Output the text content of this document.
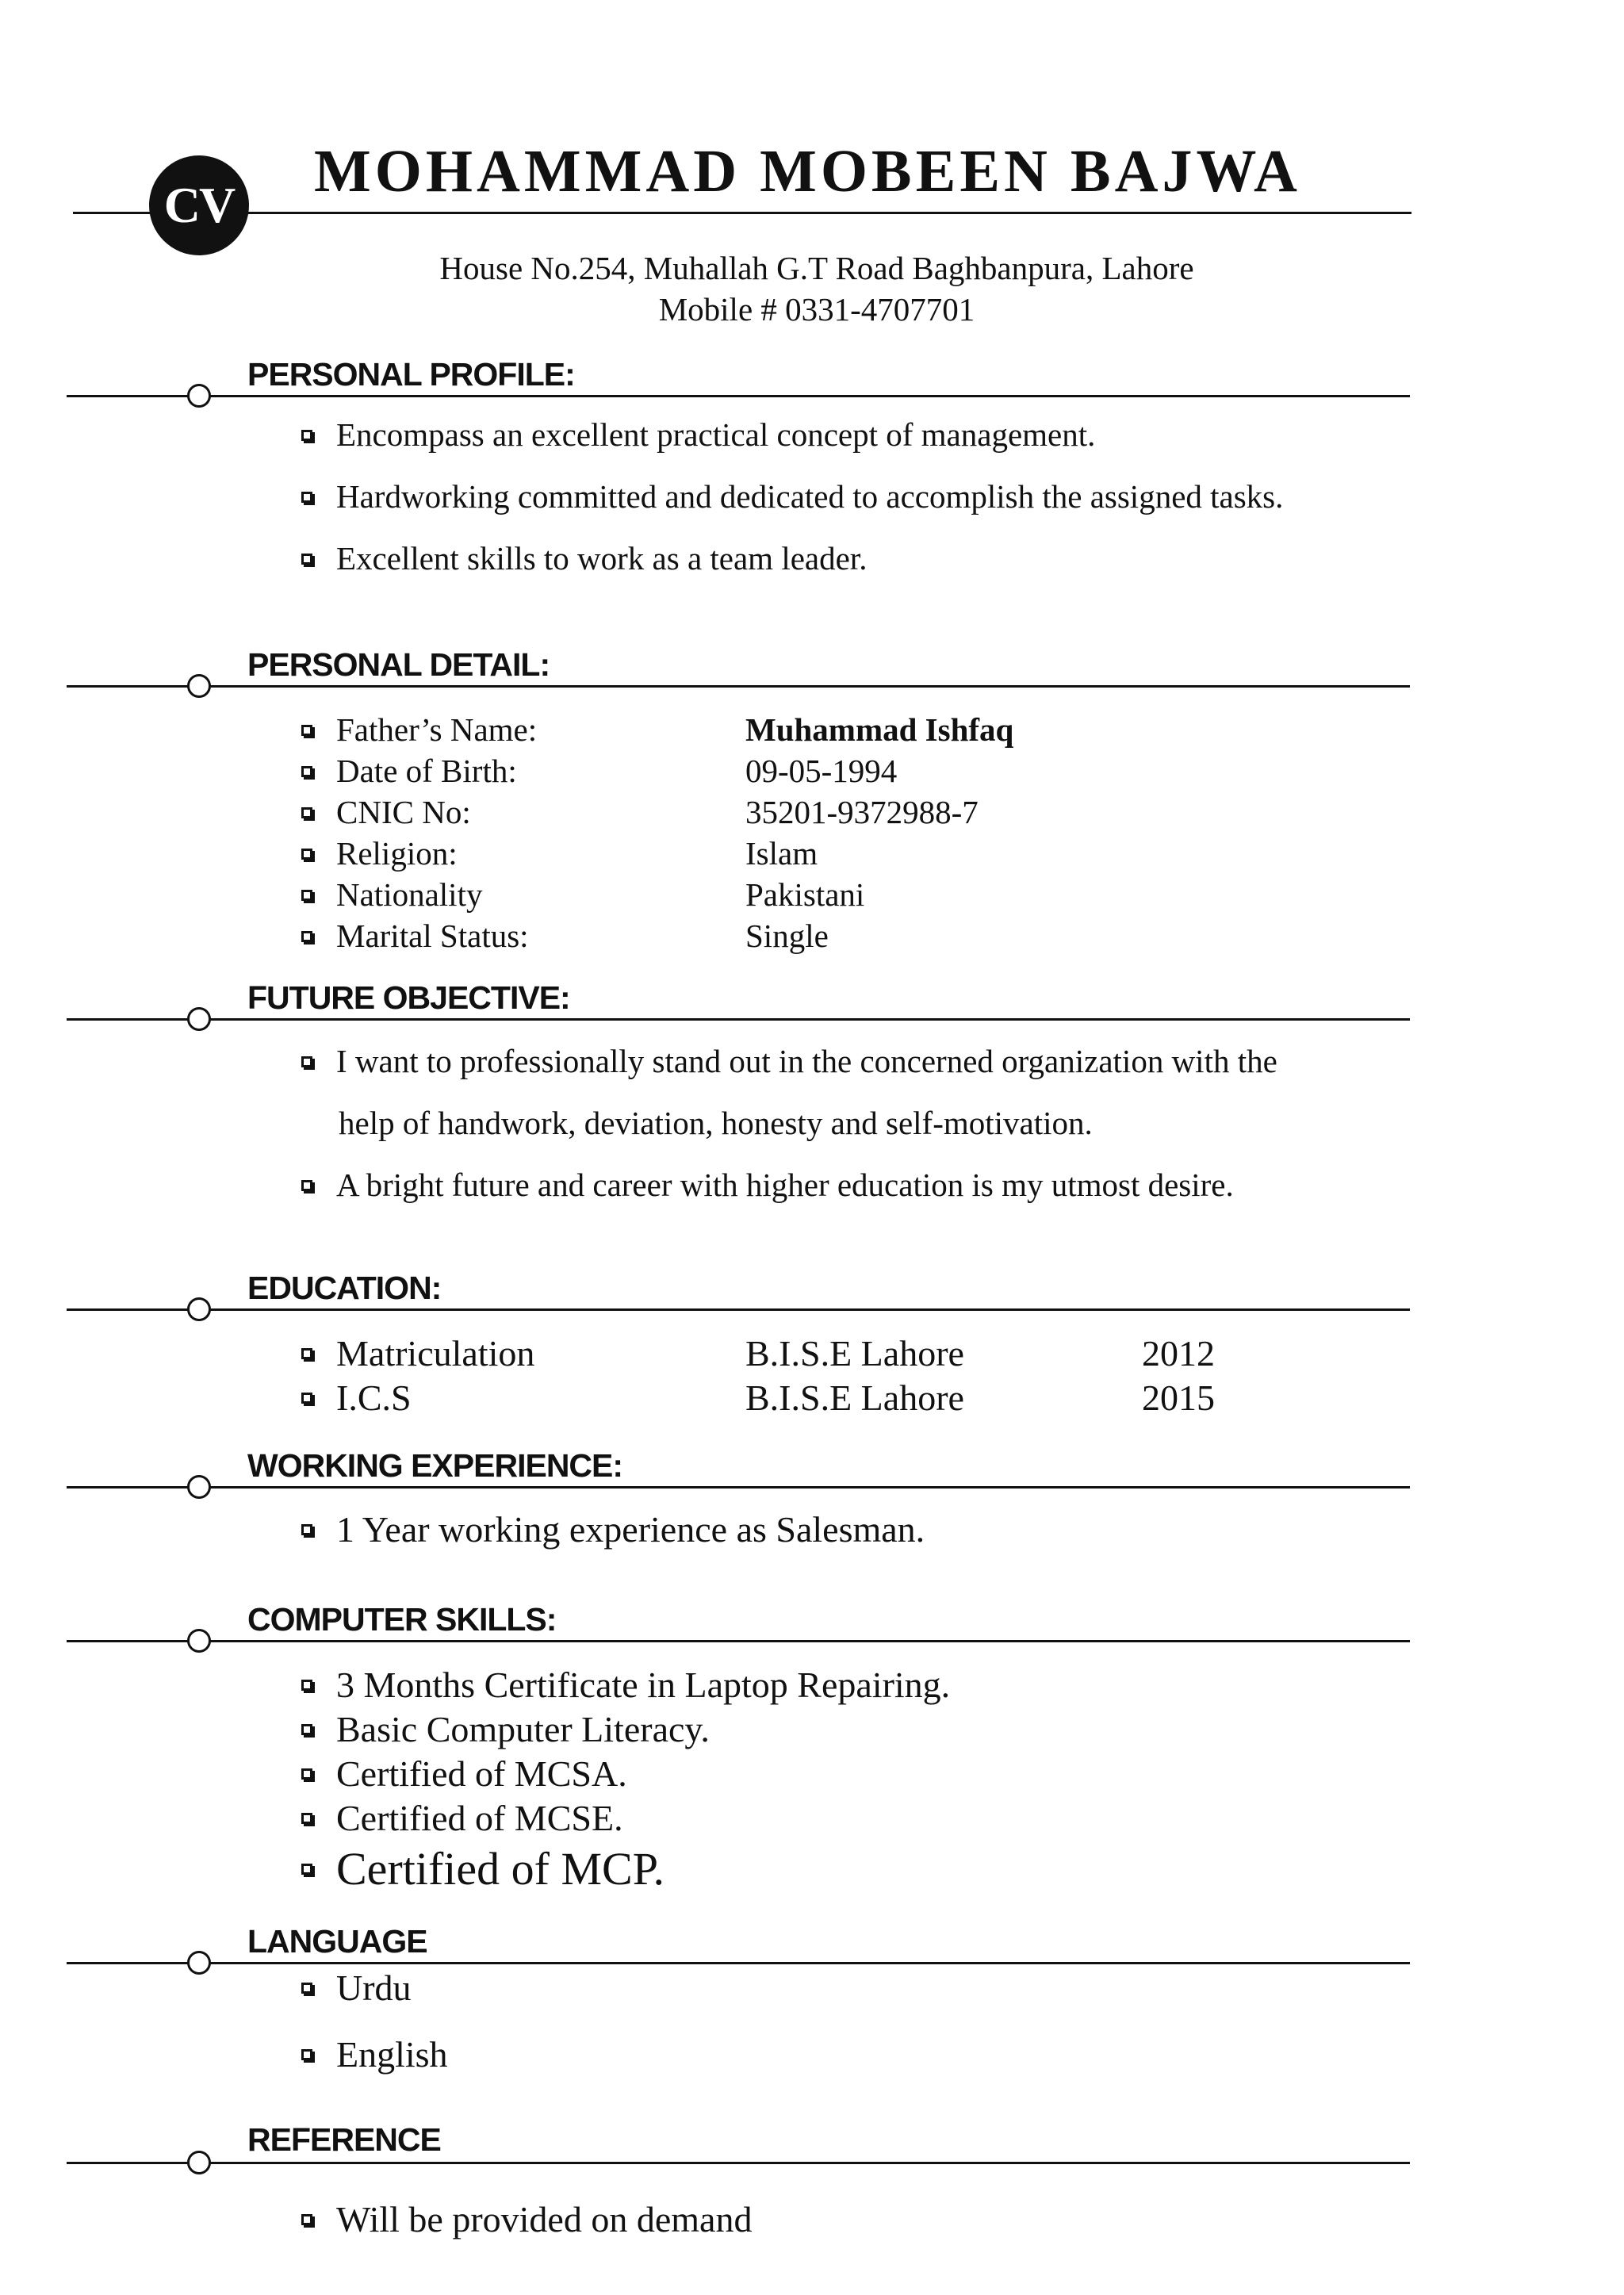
CV
MOHAMMAD MOBEEN BAJWA
House No.254, Muhallah G.T Road Baghbanpura, Lahore
Mobile # 0331-4707701
PERSONAL PROFILE:
Encompass an excellent practical concept of management.
Hardworking committed and dedicated to accomplish the assigned tasks.
Excellent skills to work as a team leader.
PERSONAL DETAIL:
Father’s Name:	Muhammad Ishfaq
Date of Birth:	09-05-1994
CNIC No:	35201-9372988-7
Religion:	Islam
Nationality	Pakistani
Marital Status:	Single
FUTURE OBJECTIVE:
I want to professionally stand out in the concerned organization with the
help of handwork, deviation, honesty and self-motivation.
A bright future and career with higher education is my utmost desire.
EDUCATION:
Matriculation	B.I.S.E Lahore	2012
I.C.S	B.I.S.E Lahore	2015
WORKING EXPERIENCE:
1 Year working experience as Salesman.
COMPUTER SKILLS:
3 Months Certificate in Laptop Repairing.
Basic Computer Literacy.
Certified of MCSA.
Certified of MCSE.
Certified of MCP.
LANGUAGE
Urdu
English
REFERENCE
Will be provided on demand
